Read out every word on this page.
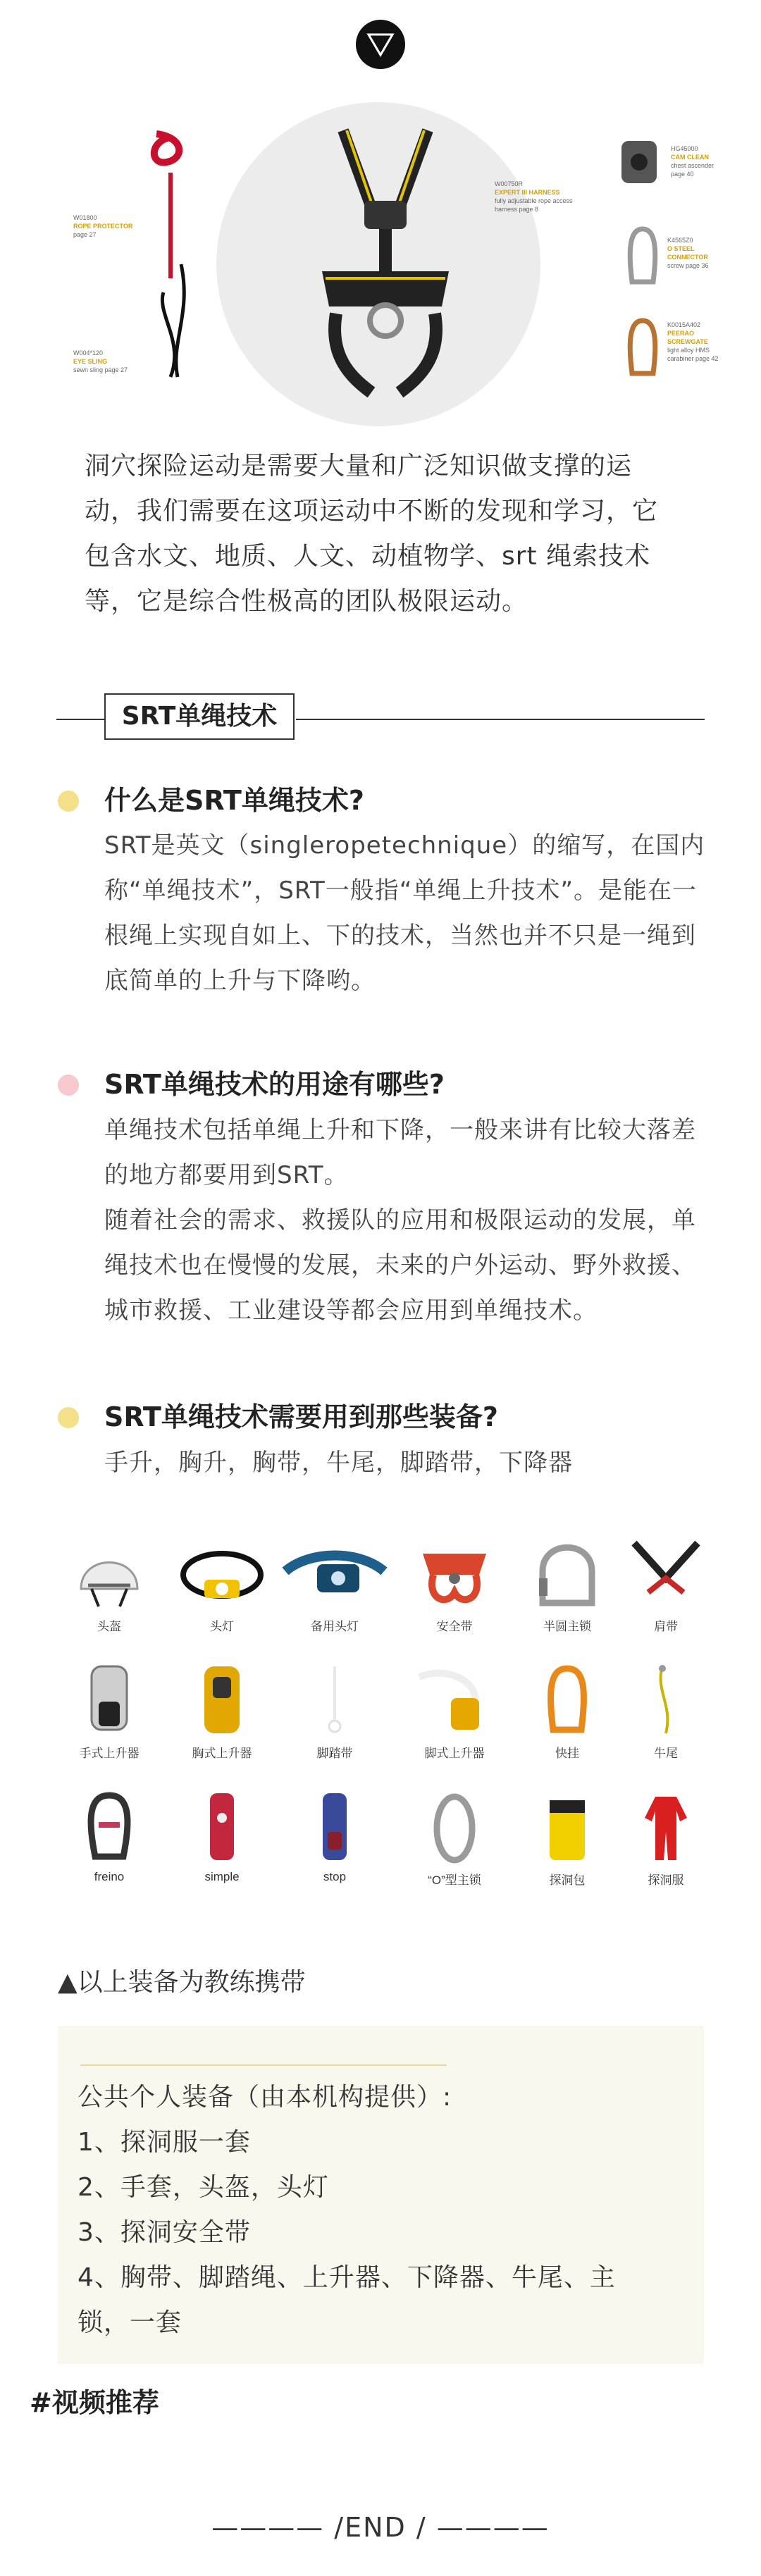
W01800
ROPE PROTECTOR
page 27
W004*120
EYE SLING
sewn sling page 27
W00750R
EXPERT III HARNESS
fully adjustable rope access harness page 8
HG45000
CAM CLEAN
chest ascender page 40
K4565Z0
O STEEL CONNECTOR
screw page 36
K0015A402
PEERAO SCREWGATE
light alloy HMS carabiner page 42
洞穴探险运动是需要大量和广泛知识做支撑的运动，我们需要在这项运动中不断的发现和学习，它包含水文、地质、人文、动植物学、srt 绳索技术等，它是综合性极高的团队极限运动。
SRT单绳技术
什么是SRT单绳技术?
SRT是英文（singleropetechnique）的缩写，在国内称“单绳技术”，SRT一般指“单绳上升技术”。是能在一根绳上实现自如上、下的技术，当然也并不只是一绳到底简单的上升与下降哟。
SRT单绳技术的用途有哪些?
单绳技术包括单绳上升和下降，一般来讲有比较大落差的地方都要用到SRT。
随着社会的需求、救援队的应用和极限运动的发展，单绳技术也在慢慢的发展，未来的户外运动、野外救援、城市救援、工业建设等都会应用到单绳技术。
SRT单绳技术需要用到那些装备?
手升，胸升，胸带，牛尾，脚踏带，下降器
头盔	头灯	备用头灯	安全带	半圆主锁	肩带
手式上升器	胸式上升器	脚踏带	脚式上升器	快挂	牛尾
freino	simple	stop	“O”型主锁	探洞包	探洞服
▲以上装备为教练携带
公共个人装备（由本机构提供）:
1、探洞服一套
2、手套，头盔，头灯
3、探洞安全带
4、胸带、脚踏绳、上升器、下降器、牛尾、主
锁，一套
#视频推荐
———— /END / ————
